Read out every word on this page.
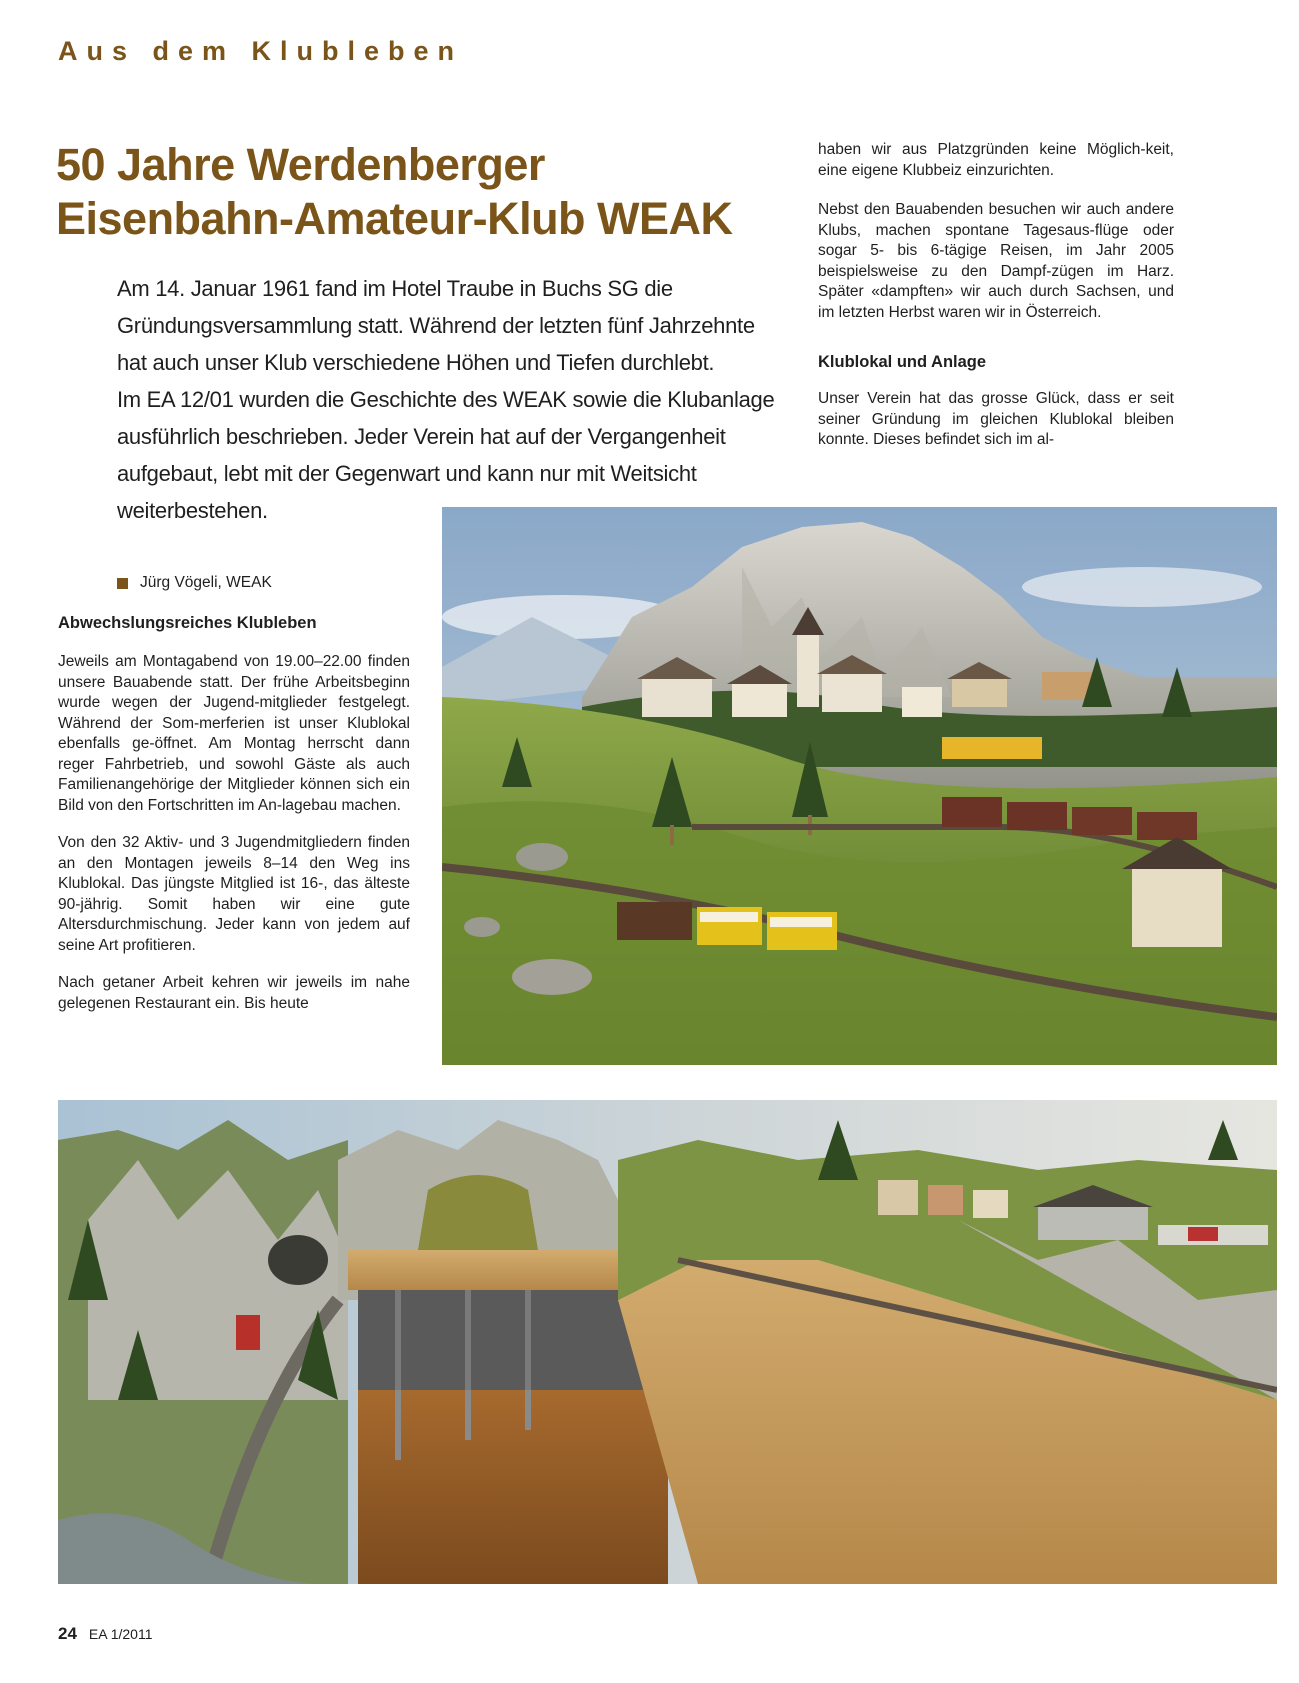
Aus dem Klubleben
50 Jahre Werdenberger
Eisenbahn-Amateur-Klub WEAK

Am 14. Januar 1961 fand im Hotel Traube in Buchs SG die
Gründungsversammlung statt. Während der letzten fünf Jahrzehnte
hat auch unser Klub verschiedene Höhen und Tiefen durchlebt.
Im EA 12/01 wurden die Geschichte des WEAK sowie die Klubanlage
ausführlich beschrieben. Jeder Verein hat auf der Vergangenheit
aufgebaut, lebt mit der Gegenwart und kann nur mit Weitsicht
weiterbestehen.

Jürg Vögeli, WEAK
Abwechslungsreiches Klubleben

Jeweils am Montagabend von 19.00–22.00 finden unsere Bauabende statt. Der frühe Arbeitsbeginn wurde wegen der Jugend-mitglieder festgelegt. Während der Som-merferien ist unser Klublokal ebenfalls ge-öffnet. Am Montag herrscht dann reger Fahrbetrieb, und sowohl Gäste als auch Familienangehörige der Mitglieder können sich ein Bild von den Fortschritten im An-lagebau machen.

Von den 32 Aktiv- und 3 Jugendmitgliedern finden an den Montagen jeweils 8–14 den Weg ins Klublokal. Das jüngste Mitglied ist 16-, das älteste 90-jährig. Somit haben wir eine gute Altersdurchmischung. Jeder kann von jedem auf seine Art profitieren.

Nach getaner Arbeit kehren wir jeweils im nahe gelegenen Restaurant ein. Bis heute

haben wir aus Platzgründen keine Möglich-keit, eine eigene Klubbeiz einzurichten.

Nebst den Bauabenden besuchen wir auch andere Klubs, machen spontane Tagesaus-flüge oder sogar 5- bis 6-tägige Reisen, im Jahr 2005 beispielsweise zu den Dampf-zügen im Harz. Später «dampften» wir auch durch Sachsen, und im letzten Herbst waren wir in Österreich.

Klublokal und Anlage

Unser Verein hat das grosse Glück, dass er seit seiner Gründung im gleichen Klublokal bleiben konnte. Dieses befindet sich im al-

24 EA 1/2011
